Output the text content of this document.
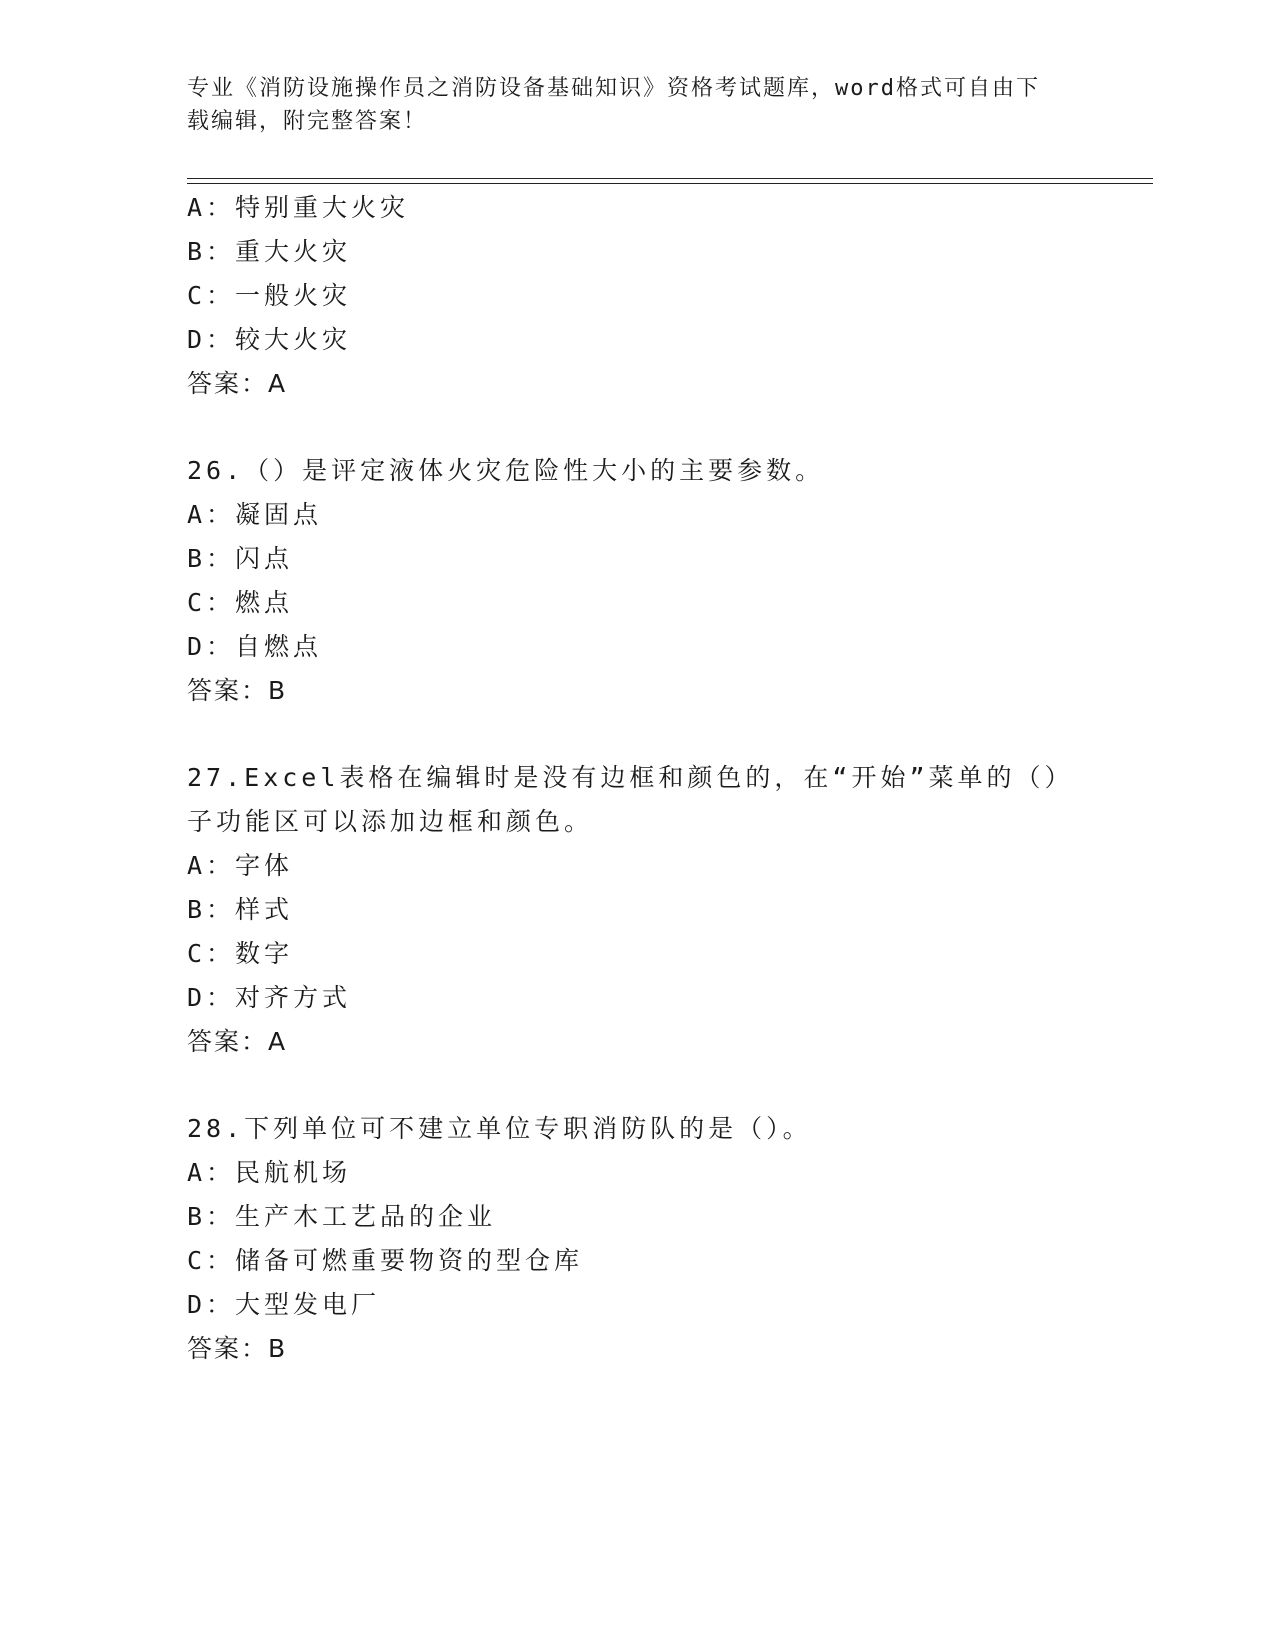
专业《消防设施操作员之消防设备基础知识》资格考试题库，word格式可自由下
载编辑，附完整答案！
A：特别重大火灾
B：重大火灾
C：一般火灾
D：较大火灾
答案：A
26.（）是评定液体火灾危险性大小的主要参数。
A：凝固点
B：闪点
C：燃点
D：自燃点
答案：B
27.Excel表格在编辑时是没有边框和颜色的，在“开始”菜单的（）
子功能区可以添加边框和颜色。
A：字体
B：样式
C：数字
D：对齐方式
答案：A
28.下列单位可不建立单位专职消防队的是（）。
A：民航机场
B：生产木工艺品的企业
C：储备可燃重要物资的型仓库
D：大型发电厂
答案：B
